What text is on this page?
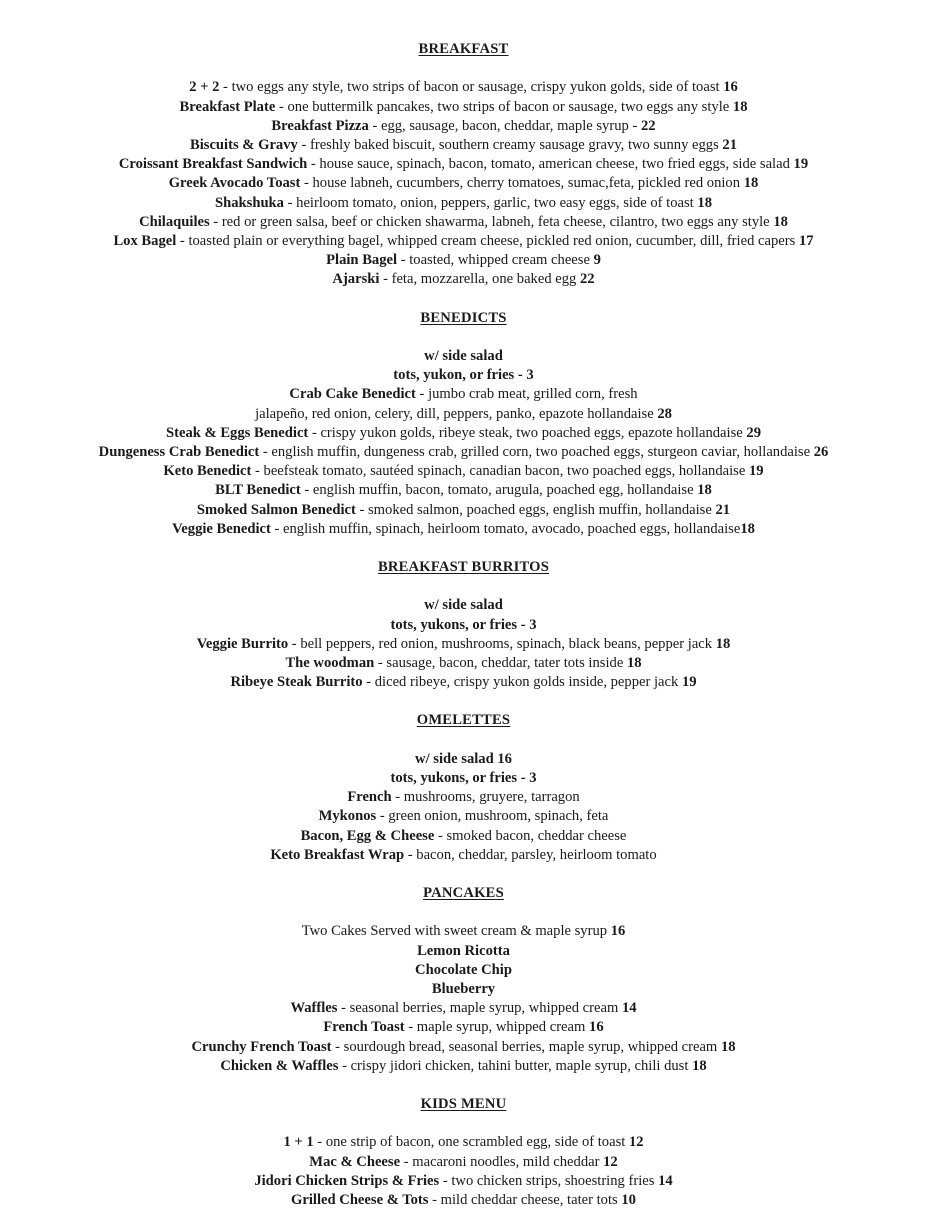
BREAKFAST
2 + 2 - two eggs any style, two strips of bacon or sausage, crispy yukon golds, side of toast 16
Breakfast Plate - one buttermilk pancakes, two strips of bacon or sausage, two eggs any style 18
Breakfast Pizza - egg, sausage, bacon, cheddar, maple syrup - 22
Biscuits & Gravy - freshly baked biscuit, southern creamy sausage gravy, two sunny eggs 21
Croissant Breakfast Sandwich - house sauce, spinach, bacon, tomato, american cheese, two fried eggs, side salad 19
Greek Avocado Toast - house labneh, cucumbers, cherry tomatoes, sumac,feta, pickled red onion 18
Shakshuka - heirloom tomato, onion, peppers, garlic, two easy eggs, side of toast 18
Chilaquiles - red or green salsa, beef or chicken shawarma, labneh, feta cheese, cilantro, two eggs any style 18
Lox Bagel - toasted plain or everything bagel, whipped cream cheese, pickled red onion, cucumber, dill, fried capers 17
Plain Bagel - toasted, whipped cream cheese 9
Ajarski - feta, mozzarella, one baked egg 22
BENEDICTS
w/ side salad
tots, yukon, or fries - 3
Crab Cake Benedict - jumbo crab meat, grilled corn, fresh
jalapeño, red onion, celery, dill, peppers, panko, epazote hollandaise 28
Steak & Eggs Benedict - crispy yukon golds, ribeye steak, two poached eggs, epazote hollandaise 29
Dungeness Crab Benedict - english muffin, dungeness crab, grilled corn, two poached eggs, sturgeon caviar, hollandaise 26
Keto Benedict - beefsteak tomato, sautéed spinach, canadian bacon, two poached eggs, hollandaise 19
BLT Benedict - english muffin, bacon, tomato, arugula, poached egg, hollandaise 18
Smoked Salmon Benedict - smoked salmon, poached eggs, english muffin, hollandaise 21
Veggie Benedict - english muffin, spinach, heirloom tomato, avocado, poached eggs, hollandaise18
BREAKFAST BURRITOS
w/ side salad
tots, yukons, or fries - 3
Veggie Burrito - bell peppers, red onion, mushrooms, spinach, black beans, pepper jack 18
The woodman - sausage, bacon, cheddar, tater tots inside 18
Ribeye Steak Burrito - diced ribeye, crispy yukon golds inside, pepper jack 19
OMELETTES
w/ side salad 16
tots, yukons, or fries - 3
French - mushrooms, gruyere, tarragon
Mykonos - green onion, mushroom, spinach, feta
Bacon, Egg & Cheese - smoked bacon, cheddar cheese
Keto Breakfast Wrap - bacon, cheddar, parsley, heirloom tomato
PANCAKES
Two Cakes Served with sweet cream & maple syrup 16
Lemon Ricotta
Chocolate Chip
Blueberry
Waffles - seasonal berries, maple syrup, whipped cream 14
French Toast - maple syrup, whipped cream 16
Crunchy French Toast - sourdough bread, seasonal berries, maple syrup, whipped cream 18
Chicken & Waffles - crispy jidori chicken, tahini butter, maple syrup, chili dust 18
KIDS MENU
1 + 1 - one strip of bacon, one scrambled egg, side of toast 12
Mac & Cheese - macaroni noodles, mild cheddar 12
Jidori Chicken Strips & Fries - two chicken strips, shoestring fries 14
Grilled Cheese & Tots - mild cheddar cheese, tater tots 10
